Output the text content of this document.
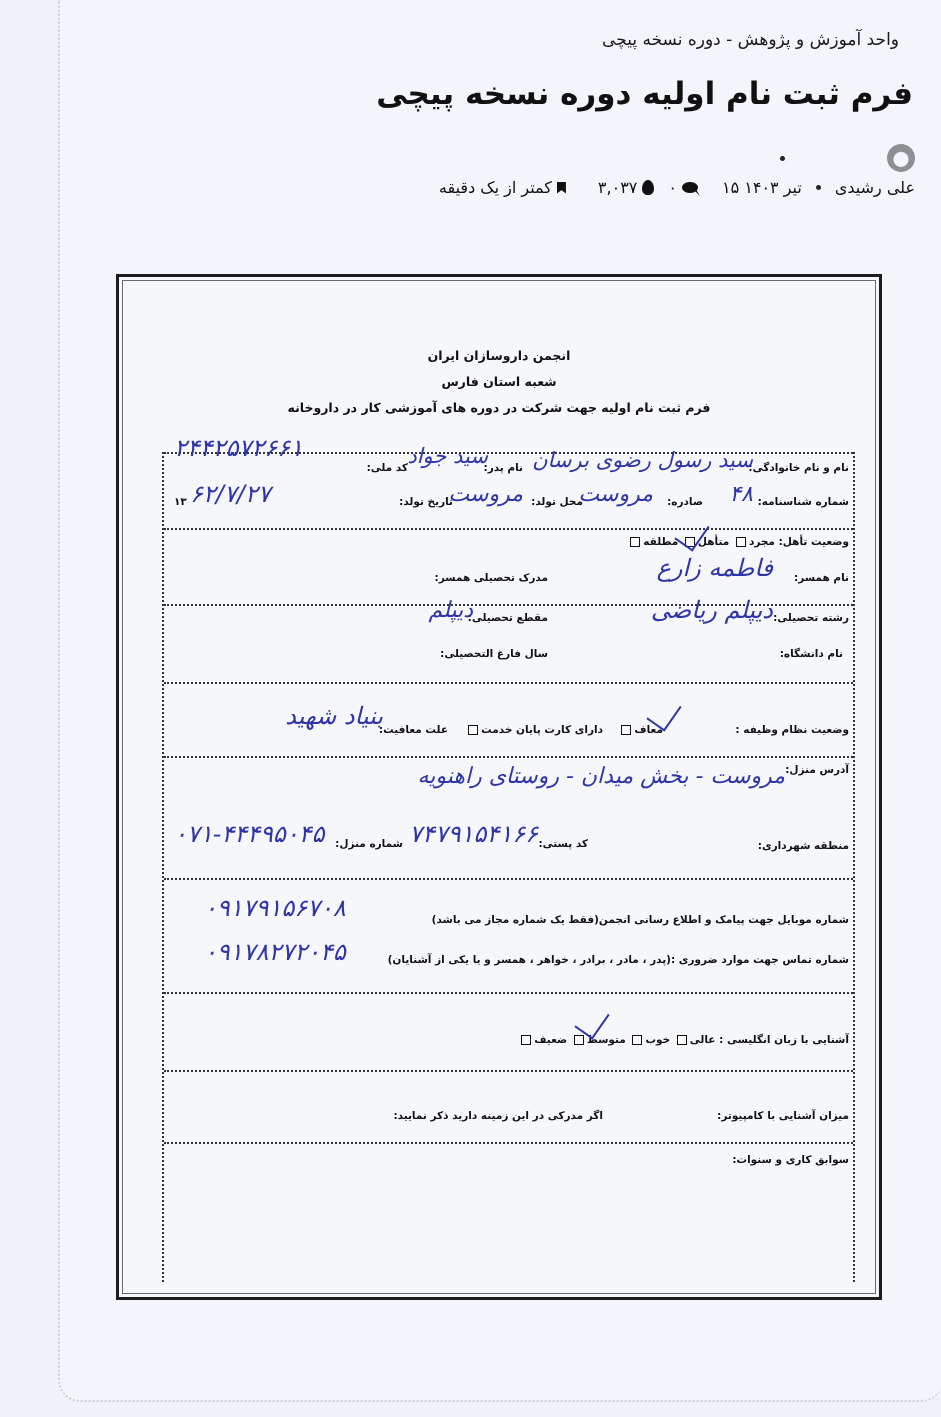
واحد آموزش و پژوهش - دوره نسخه پیچی
فرم ثبت نام اولیه دوره نسخه پیچی
علی رشیدی
۱۵ تیر ۱۴۰۳
۰
۳,۰۳۷
کمتر از یک دقیقه
انجمن داروسازان ایران
شعبه استان فارس
فرم ثبت نام اولیه جهت شرکت در دوره های آموزشی کار در داروخانه
نام و نام خانوادگی:
سید رسول رضوی برسان
نام پدر:
سید جواد
کد ملی:
۲۴۴۲۵۷۲۶۶۱
شماره شناسنامه:
۴۸
صادره:
مروست
محل تولد:
مروست
تاریخ تولد:
۱۳ ۶۲/۷/۲۷
وضعیت تأهل: مجرد متأهل مطلقه
نام همسر:
فاطمه زارع
مدرک تحصیلی همسر:
رشته تحصیلی:
دیپلم ریاضی
مقطع تحصیلی:
دیپلم
نام دانشگاه:
سال فارغ التحصیلی:
وضعیت نظام وظیفه :
معاف
دارای کارت پایان خدمت
علت معافیت:
بنیاد شهید
آدرس منزل:
مروست - بخش میدان - روستای راهنویه
منطقه شهرداری:
کد پستی:
۷۴۷۹۱۵۴۱۶۶
شماره منزل:
۰۷۱-۴۴۴۹۵۰۴۵
شماره موبایل جهت پیامک و اطلاع رسانی انجمن(فقط یک شماره مجاز می باشد)
۰۹۱۷۹۱۵۶۷۰۸
شماره تماس جهت موارد ضروری :(پدر ، مادر ، برادر ، خواهر ، همسر و یا یکی از آشنایان)
۰۹۱۷۸۲۷۲۰۴۵
آشنایی با زبان انگلیسی : عالی خوب متوسط ضعیف
میزان آشنایی با کامپیوتر:
اگر مدرکی در این زمینه دارید ذکر نمایید:
سوابق کاری و سنوات:
